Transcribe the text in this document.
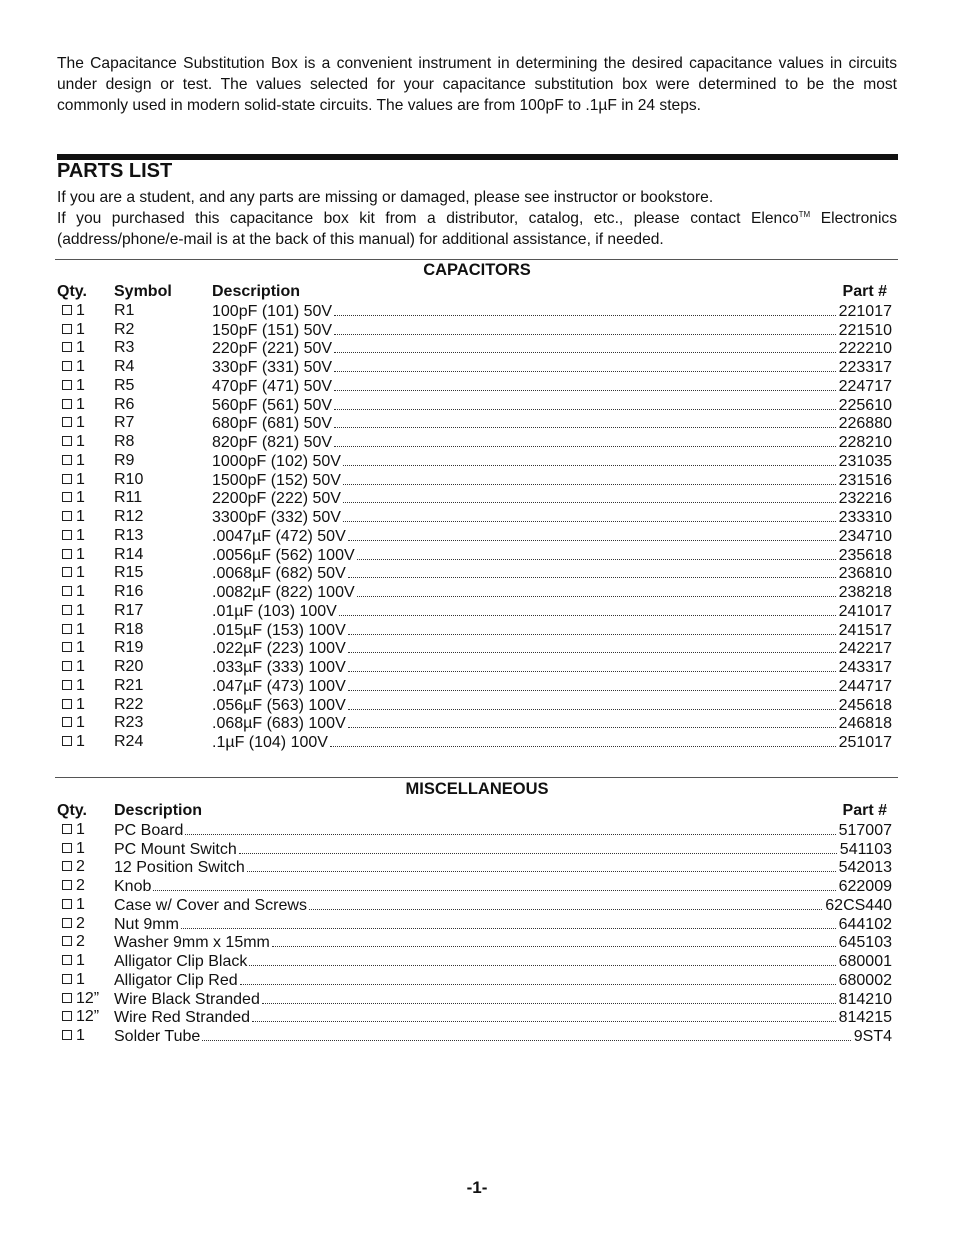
The Capacitance Substitution Box is a convenient instrument in determining the desired capacitance values in circuits under design or test. The values selected for your capacitance substitution box were determined to be the most commonly used in modern solid-state circuits. The values are from 100pF to .1µF in 24 steps.

PARTS LIST

If you are a student, and any parts are missing or damaged, please see instructor or bookstore.

If you purchased this capacitance box kit from a distributor, catalog, etc., please contact Elenco™ Electronics (address/phone/e-mail is at the back of this manual) for additional assistance, if needed.

CAPACITORS
Qty. Symbol	Description	Part #
1 R1	100pF (101) 50V	221017
1 R2	150pF (151) 50V	221510
1 R3	220pF (221) 50V	222210
1 R4	330pF (331) 50V	223317
1 R5	470pF (471) 50V	224717
1 R6	560pF (561) 50V	225610
1 R7	680pF (681) 50V	226880
1 R8	820pF (821) 50V	228210
1 R9	1000pF (102) 50V	231035
1 R10	1500pF (152) 50V	231516
1 R11	2200pF (222) 50V	232216
1 R12	3300pF (332) 50V	233310
1 R13	.0047µF (472) 50V	234710
1 R14	.0056µF (562) 100V	235618
1 R15	.0068µF (682) 50V	236810
1 R16	.0082µF (822) 100V	238218
1 R17	.01µF (103) 100V	241017
1 R18	.015µF (153) 100V	241517
1 R19	.022µF (223) 100V	242217
1 R20	.033µF (333) 100V	243317
1 R21	.047µF (473) 100V	244717
1 R22	.056µF (563) 100V	245618
1 R23	.068µF (683) 100V	246818
1 R24	.1µF (104) 100V	251017
MISCELLANEOUS
Qty. Description	Part #
1 PC Board	517007
1 PC Mount Switch	541103
2 12 Position Switch	542013
2 Knob	622009
1 Case w/ Cover and Screws	62CS440
2 Nut 9mm	644102
2 Washer 9mm x 15mm	645103
1 Alligator Clip Black	680001
1 Alligator Clip Red	680002
12” Wire Black Stranded	814210
12” Wire Red Stranded	814215
1 Solder Tube	9ST4

-1-
